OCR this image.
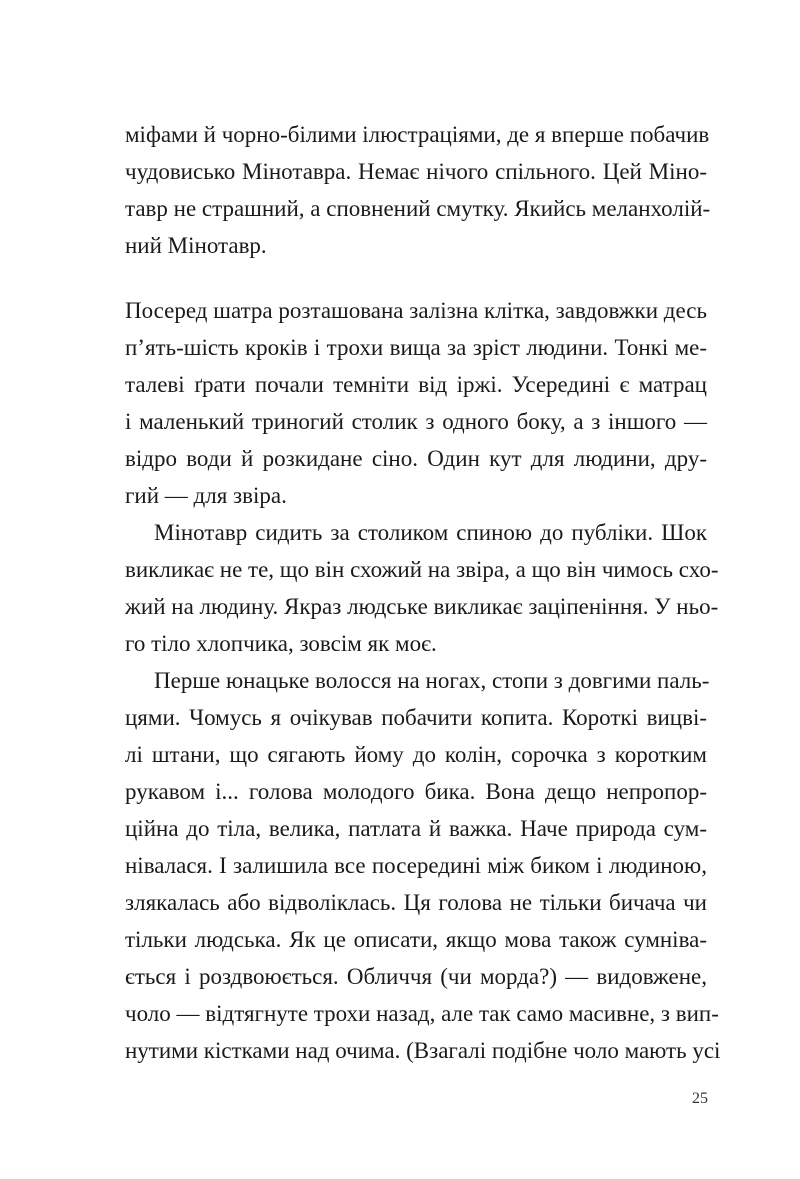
міфами й чорно-білими ілюстраціями, де я вперше побачив
чудовисько Мінотавра. Немає нічого спільного. Цей Міно-
тавр не страшний, а сповнений смутку. Якийсь меланхолій-
ний Мінотавр.
Посеред шатра розташована залізна клітка, завдовжки десь
п’ять-шість кроків і трохи вища за зріст людини. Тонкі ме-
талеві ґрати почали темніти від іржі. Усередині є матрац
і маленький триногий столик з одного боку, а з іншого —
відро води й розкидане сіно. Один кут для людини, дру-
гий — для звіра.
Мінотавр сидить за столиком спиною до публіки. Шок
викликає не те, що він схожий на звіра, а що він чимось схо-
жий на людину. Якраз людське викликає заціпеніння. У ньо-
го тіло хлопчика, зовсім як моє.
Перше юнацьке волосся на ногах, стопи з довгими паль-
цями. Чомусь я очікував побачити копита. Короткі вицві-
лі штани, що сягають йому до колін, сорочка з коротким
рукавом і... голова молодого бика. Вона дещо непропор-
ційна до тіла, велика, патлата й важка. Наче природа сум-
нівалася. І залишила все посередині між биком і людиною,
злякалась або відволіклась. Ця голова не тільки бичача чи
тільки людська. Як це описати, якщо мова також сумніва-
ється і роздвоюється. Обличчя (чи морда?) — видовжене,
чоло — відтягнуте трохи назад, але так само масивне, з вип-
нутими кістками над очима. (Взагалі подібне чоло мають усі
25
